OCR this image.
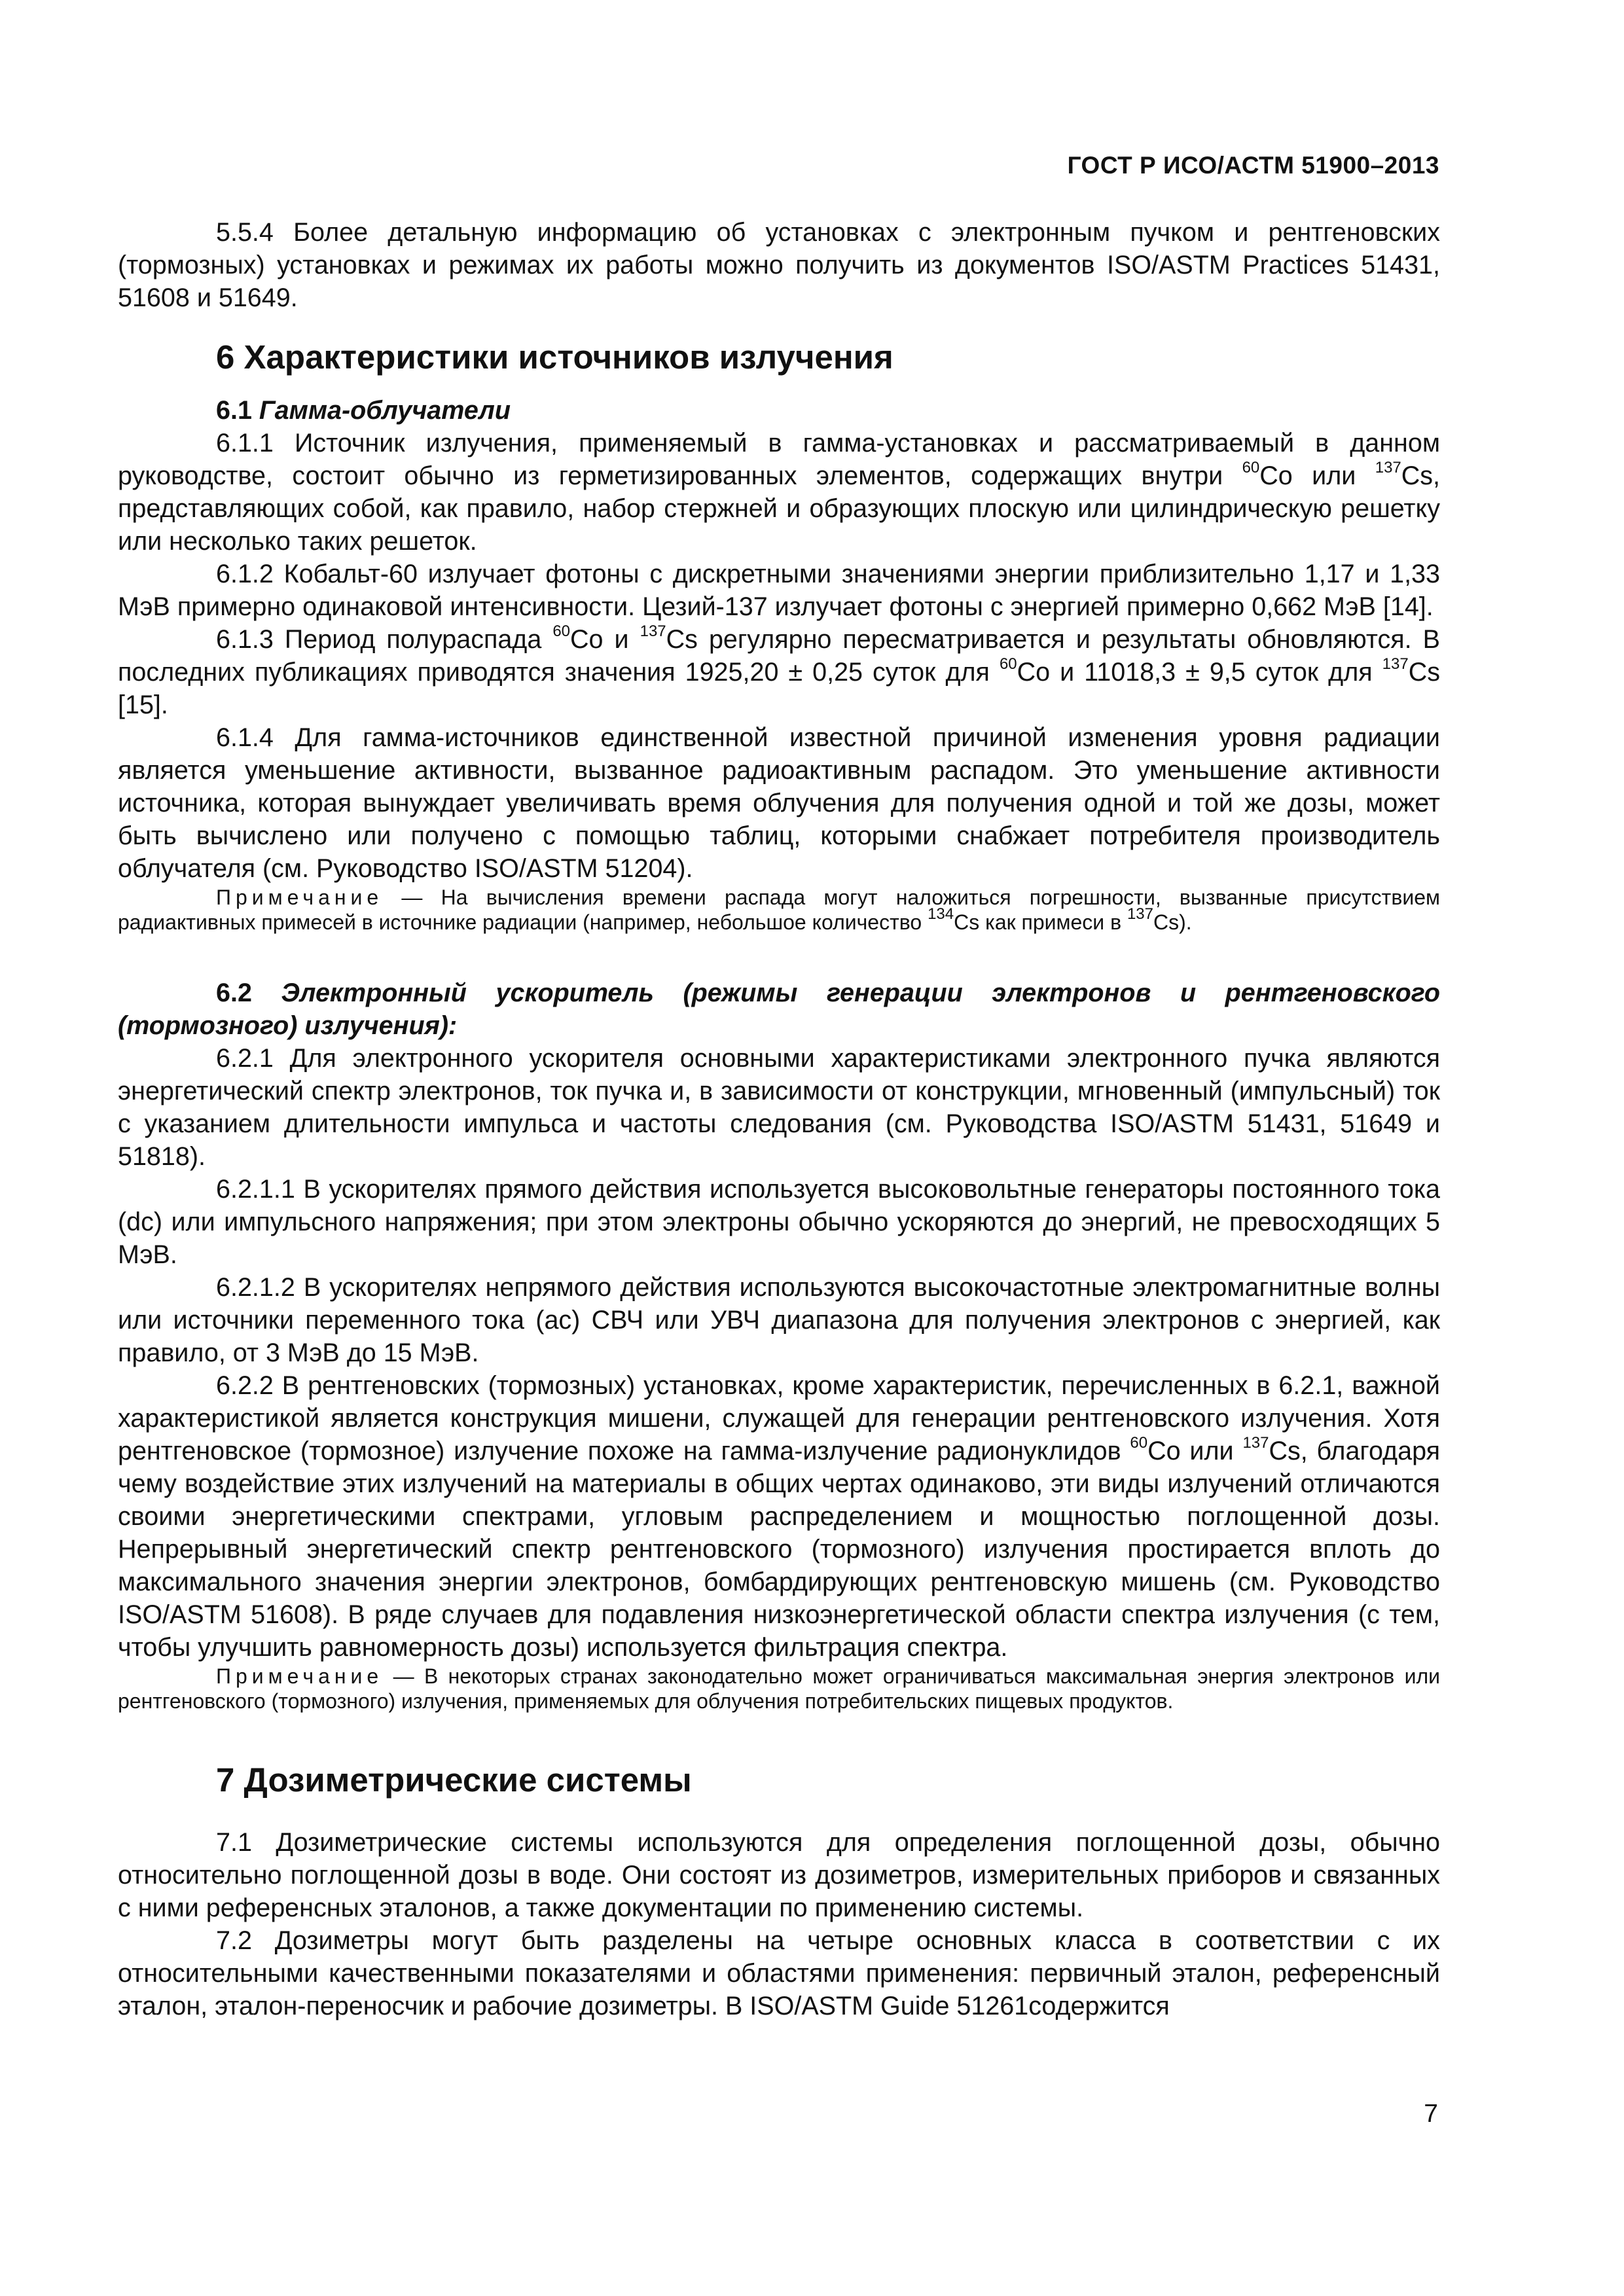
ГОСТ Р ИСО/АСТМ 51900–2013

5.5.4 Более детальную информацию об установках с электронным пучком и рентгеновских (тормозных) установках и режимах их работы можно получить из документов ISO/ASTM Practices 51431, 51608 и 51649.

6 Характеристики источников излучения

6.1 Гамма-облучатели

6.1.1 Источник излучения, применяемый в гамма-установках и рассматриваемый в данном руководстве, состоит обычно из герметизированных элементов, содержащих внутри $^{60}$Co или $^{137}$Cs, представляющих собой, как правило, набор стержней и образующих плоскую или цилиндрическую решетку или несколько таких решеток.

6.1.2 Кобальт-60 излучает фотоны с дискретными значениями энергии приблизительно 1,17 и 1,33 МэВ примерно одинаковой интенсивности. Цезий-137 излучает фотоны с энергией примерно 0,662 МэВ [14].

6.1.3 Период полураспада $^{60}$Co и $^{137}$Cs регулярно пересматривается и результаты обновляются. В последних публикациях приводятся значения 1925,20 ± 0,25 суток для $^{60}$Co и 11018,3 ± 9,5 суток для $^{137}$Cs [15].

6.1.4 Для гамма-источников единственной известной причиной изменения уровня радиации является уменьшение активности, вызванное радиоактивным распадом. Это уменьшение активности источника, которая вынуждает увеличивать время облучения для получения одной и той же дозы, может быть вычислено или получено с помощью таблиц, которыми снабжает потребителя производитель облучателя (см. Руководство ISO/ASTM 51204).

Примечание — На вычисления времени распада могут наложиться погрешности, вызванные присутствием радиактивных примесей в источнике радиации (например, небольшое количество $^{134}$Cs как примеси в $^{137}$Cs).

6.2 Электронный ускоритель (режимы генерации электронов и рентгеновского (тормозного) излучения):

6.2.1 Для электронного ускорителя основными характеристиками электронного пучка являются энергетический спектр электронов, ток пучка и, в зависимости от конструкции, мгновенный (импульсный) ток с указанием длительности импульса и частоты следования (см. Руководства ISO/ASTM 51431, 51649 и 51818).

6.2.1.1 В ускорителях прямого действия используется высоковольтные генераторы постоянного тока (dc) или импульсного напряжения; при этом электроны обычно ускоряются до энергий, не превосходящих 5 МэВ.

6.2.1.2 В ускорителях непрямого действия используются высокочастотные электромагнитные волны или источники переменного тока (ac) СВЧ или УВЧ диапазона для получения электронов с энергией, как правило, от 3 МэВ до 15 МэВ.

6.2.2 В рентгеновских (тормозных) установках, кроме характеристик, перечисленных в 6.2.1, важной характеристикой является конструкция мишени, служащей для генерации рентгеновского излучения. Хотя рентгеновское (тормозное) излучение похоже на гамма-излучение радионуклидов $^{60}$Co или $^{137}$Cs, благодаря чему воздействие этих излучений на материалы в общих чертах одинаково, эти виды излучений отличаются своими энергетическими спектрами, угловым распределением и мощностью поглощенной дозы. Непрерывный энергетический спектр рентгеновского (тормозного) излучения простирается вплоть до максимального значения энергии электронов, бомбардирующих рентгеновскую мишень (см. Руководство ISO/ASTM 51608). В ряде случаев для подавления низкоэнергетической области спектра излучения (с тем, чтобы улучшить равномерность дозы) используется фильтрация спектра.

Примечание — В некоторых странах законодательно может ограничиваться максимальная энергия электронов или рентгеновского (тормозного) излучения, применяемых для облучения потребительских пищевых продуктов.

7 Дозиметрические системы

7.1 Дозиметрические системы используются для определения поглощенной дозы, обычно относительно поглощенной дозы в воде. Они состоят из дозиметров, измерительных приборов и связанных с ними референсных эталонов, а также документации по применению системы.

7.2 Дозиметры могут быть разделены на четыре основных класса в соответствии с их относительными качественными показателями и областями применения: первичный эталон, референсный эталон, эталон-переносчик и рабочие дозиметры. В ISO/ASTM Guide 51261содержится

7
